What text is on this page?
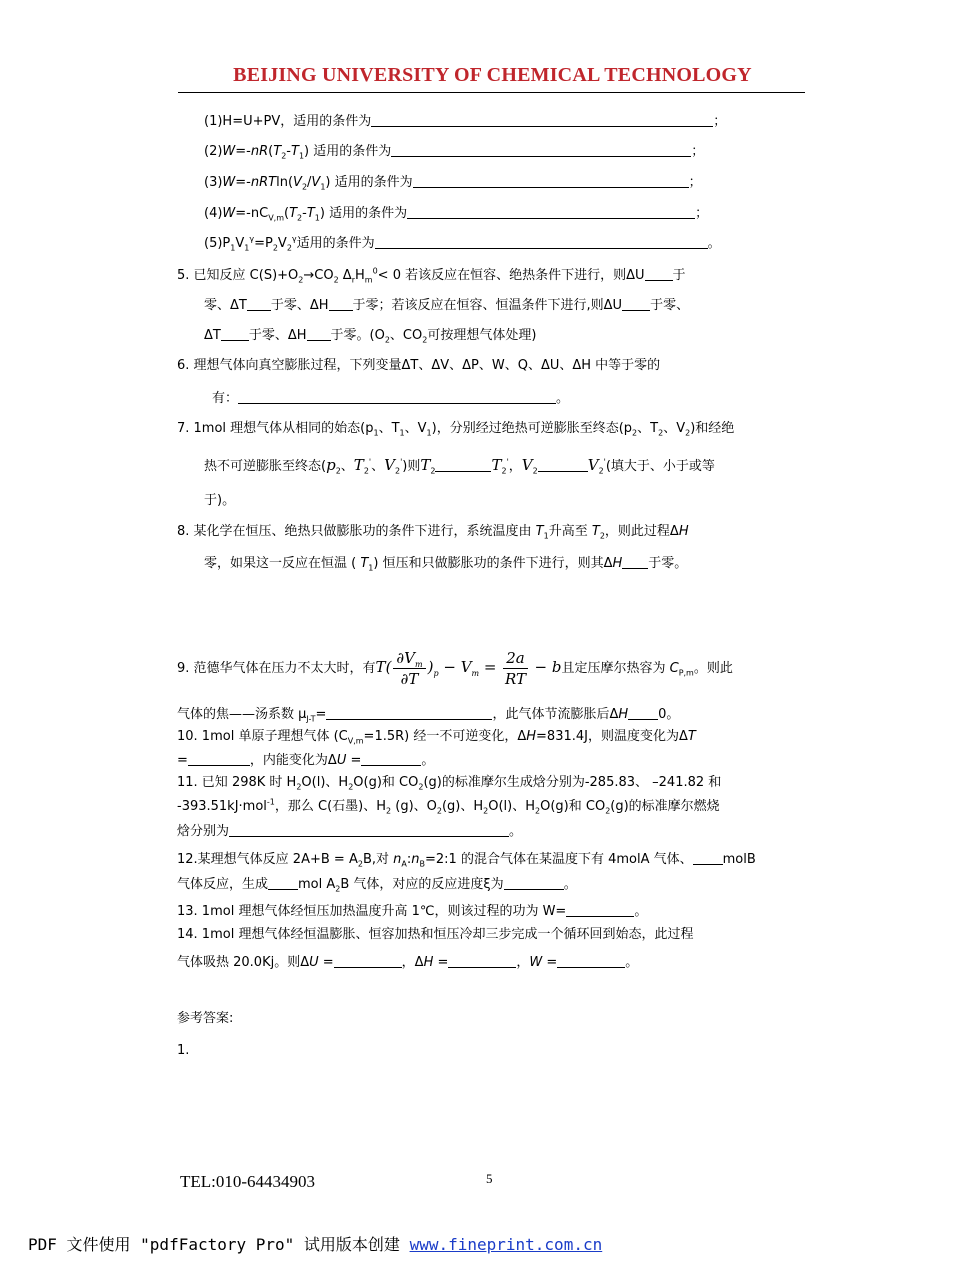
BEIJING UNIVERSITY OF CHEMICAL TECHNOLOGY
(1)H=U+PV，适用的条件为	；
$(2)W=-nR(T_2-T_1)$ 适用的条件为	；
$(3)W=-nRTln(V_2/V_1)$ 适用的条件为	；
$(4)W=-nC_{V,m}(T_2-T_1)$ 适用的条件为	；
$(5)P_1V_1^\gamma=P_2V_2^\gamma$适用的条件为	。
5. 已知反应 $C(S)+O_2\to CO_2$ $\Delta_rH_m^0< 0$ 若该反应在恒容、绝热条件下进行，则ΔU 于
零、ΔT 于零、ΔH 于零；若该反应在恒容、恒温条件下进行,则ΔU 于零、
ΔT 于零、ΔH 于零。($O_2$、$CO_2$可按理想气体处理)
6. 理想气体向真空膨胀过程，下列变量ΔT、ΔV、ΔP、W、Q、ΔU、ΔH 中等于零的
有：	。
7. 1mol 理想气体从相同的始态($p_1$、$T_1$、$V_1$)，分别经过绝热可逆膨胀至终态($p_2$、$T_2$、$V_2$)和经绝
热不可逆膨胀至终态($p_2$、$T_2'$、$V_2'$)则$T_2$	$T_2'$，$V_2$	$V_2'$(填大于、小于或等
于)。
8. 某化学在恒压、绝热只做膨胀功的条件下进行，系统温度由 $T_1$升高至 $T_2$，则此过程ΔH
零，如果这一反应在恒温 ( $T_1$) 恒压和只做膨胀功的条件下进行，则其ΔH 于零。
9. 范德华气体在压力不太大时，有$T( \frac{\partial V_m}{\partial T} )_p - V_m = \frac{2a}{RT} - b$且定压摩尔热容为 $C_{P,m}$。则此
气体的焦——汤系数 $\mu_{J-T}=$	，此气体节流膨胀后ΔH 0。
10. 1mol 单原子理想气体 $(C_{V,m}=1.5R)$ 经一不可逆变化，ΔH=831.4J，则温度变化为ΔT
=	，内能变化为ΔU =	。
11. 已知 298K 时 $H_2O(l)$、$H_2O(g)$和 $CO_2(g)$的标准摩尔生成焓分别为-285.83、 –241.82 和
-393.51kJ·mol$^{-1}$，那么 C(石墨)、$H_2$ (g)、$O_2(g)$、$H_2O(l)$、$H_2O(g)$和 $CO_2(g)$的标准摩尔燃烧
焓分别为	。
12.某理想气体反应 $2A+B = A_2B$,对 $n_A:n_B=2:1$ 的混合气体在某温度下有 4molA 气体、 molB
气体反应，生成 mol $A_2B$ 气体，对应的反应进度ξ为	。
13. 1mol 理想气体经恒压加热温度升高 1℃，则该过程的功为 W=	。
14. 1mol 理想气体经恒温膨胀、恒容加热和恒压冷却三步完成一个循环回到始态，此过程
气体吸热 20.0Kj。则ΔU =	，ΔH =	，W =	。
参考答案:
1.
TEL:010-64434903	5
PDF 文件使用 "pdfFactory Pro" 试用版本创建 www.fineprint.com.cn
